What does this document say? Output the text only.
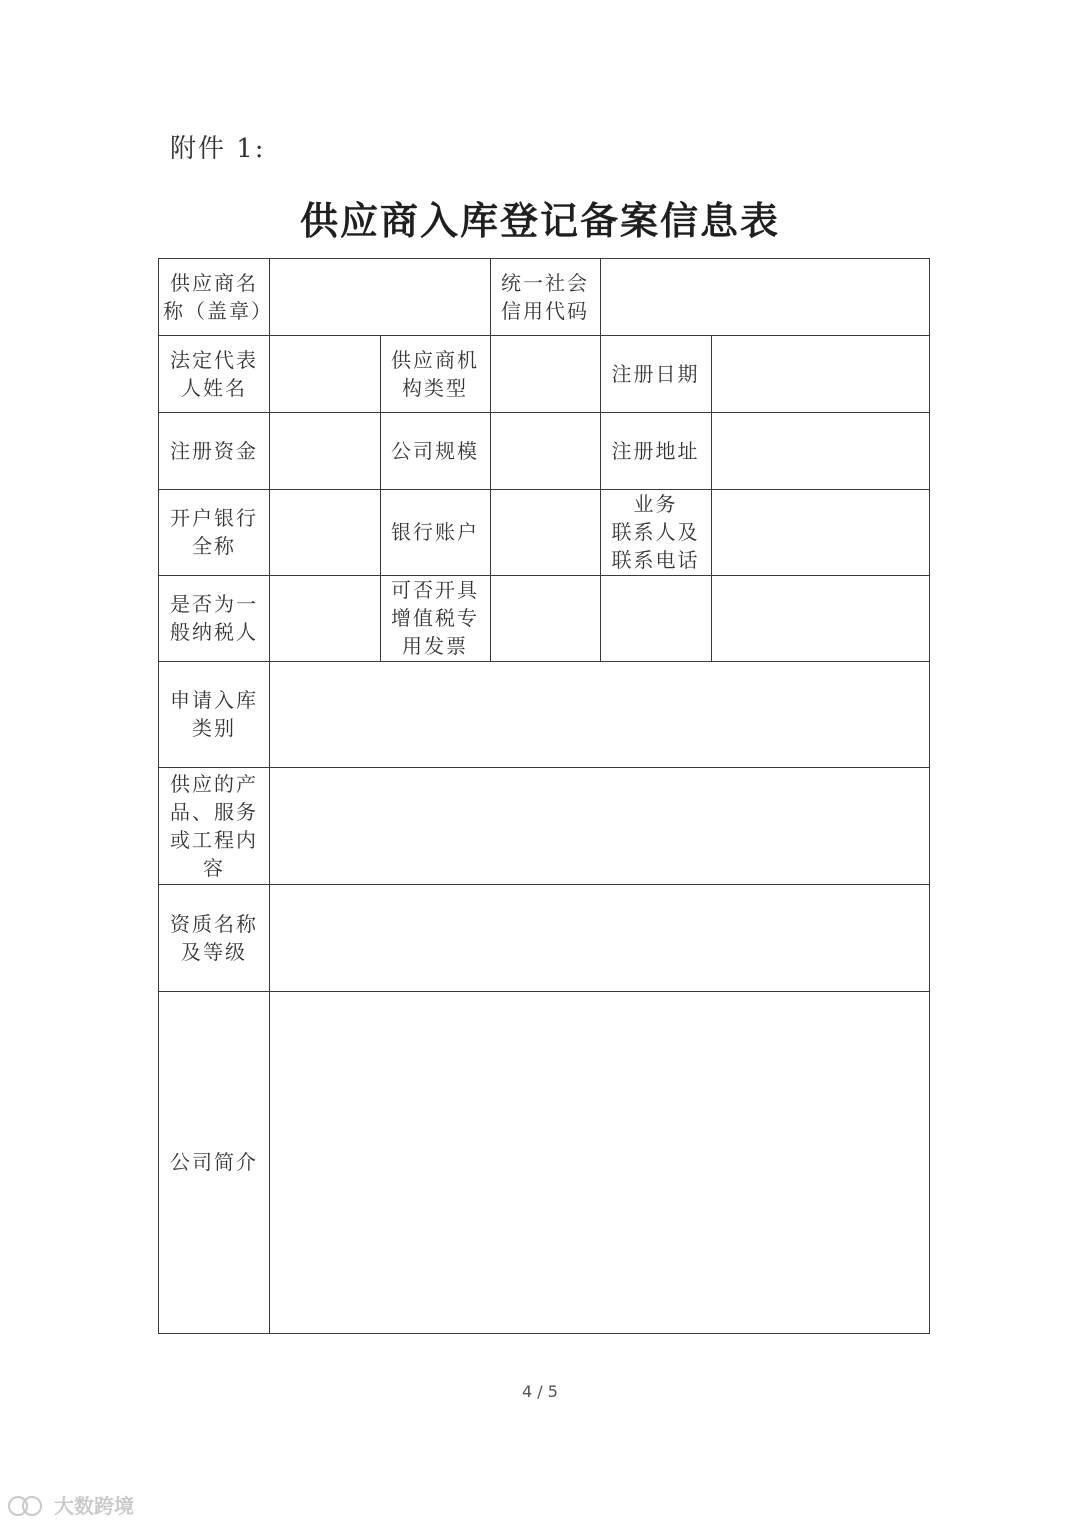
附件 1:
供应商入库登记备案信息表
供应商名
称（盖章）
统一社会
信用代码
法定代表
人姓名
供应商机
构类型
注册日期
注册资金	公司规模	注册地址
开户银行
全称
银行账户
业务
联系人及
联系电话
是否为一
般纳税人
可否开具
增值税专
用发票
申请入库
类别
供应的产
品、服务
或工程内
容
资质名称
及等级
公司简介
4 / 5
大数跨境
